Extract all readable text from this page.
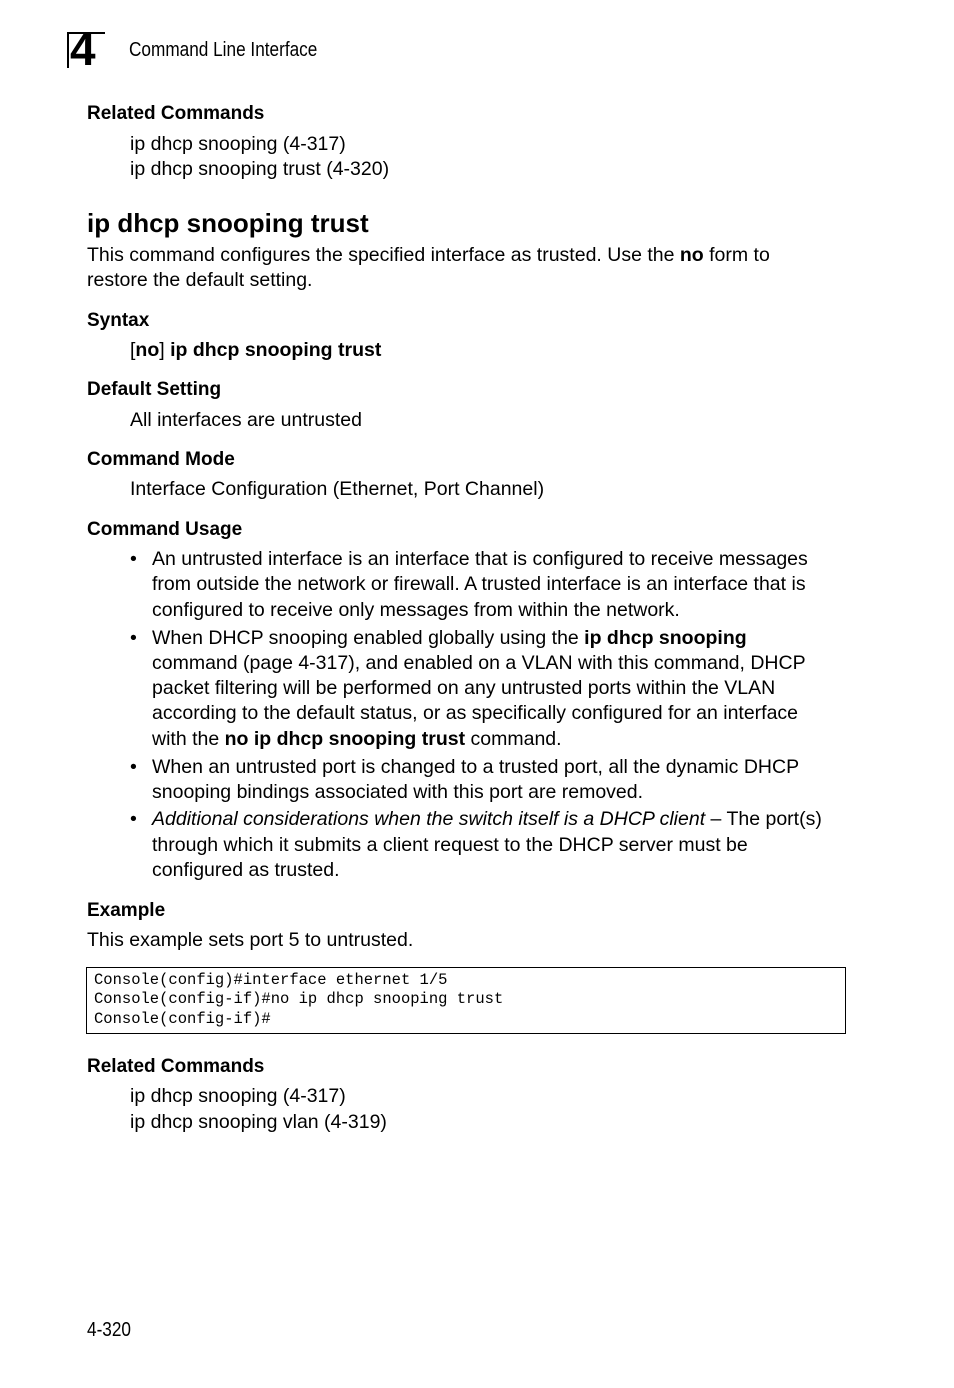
4 Command Line Interface
Related Commands
ip dhcp snooping (4-317)
ip dhcp snooping trust (4-320)
ip dhcp snooping trust
This command configures the specified interface as trusted. Use the no form to
restore the default setting.
Syntax
[no] ip dhcp snooping trust
Default Setting
All interfaces are untrusted
Command Mode
Interface Configuration (Ethernet, Port Channel)
Command Usage
• An untrusted interface is an interface that is configured to receive messages
from outside the network or firewall. A trusted interface is an interface that is
configured to receive only messages from within the network.
• When DHCP snooping enabled globally using the ip dhcp snooping
command (page 4-317), and enabled on a VLAN with this command, DHCP
packet filtering will be performed on any untrusted ports within the VLAN
according to the default status, or as specifically configured for an interface
with the no ip dhcp snooping trust command.
• When an untrusted port is changed to a trusted port, all the dynamic DHCP
snooping bindings associated with this port are removed.
• Additional considerations when the switch itself is a DHCP client – The port(s)
through which it submits a client request to the DHCP server must be
configured as trusted.
Example
This example sets port 5 to untrusted.
Console(config)#interface ethernet 1/5
Console(config-if)#no ip dhcp snooping trust
Console(config-if)#
Related Commands
ip dhcp snooping (4-317)
ip dhcp snooping vlan (4-319)
4-320
